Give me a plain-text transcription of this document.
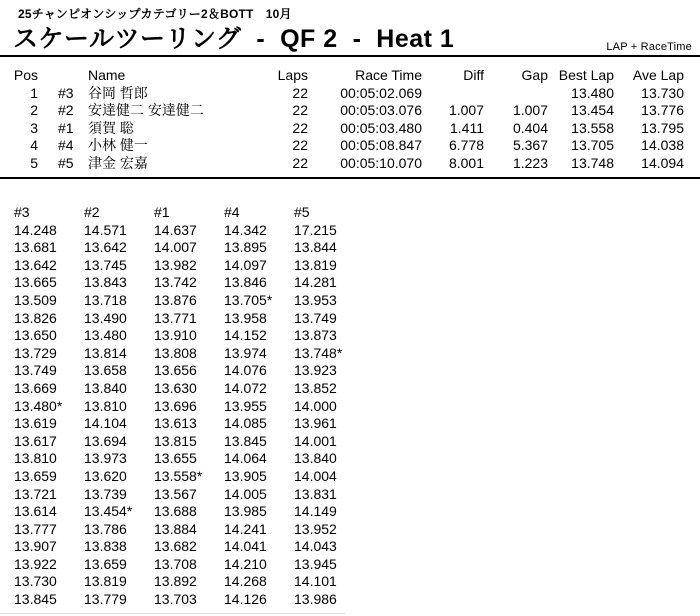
25チャンピオンシップカテゴリー2＆BOTT　10月
スケールツーリング  -  QF 2  -  Heat 1	LAP + RaceTime
Pos		Name	Laps	Race Time	Diff	Gap	Best Lap	Ave Lap
1	#3	谷岡 哲郎	22	00:05:02.069			13.480	13.730
2	#2	安達健二 安達健二	22	00:05:03.076	1.007	1.007	13.454	13.776
3	#1	須賀 聡	22	00:05:03.480	1.411	0.404	13.558	13.795
4	#4	小林 健一	22	00:05:08.847	6.778	5.367	13.705	14.038
5	#5	津金 宏嘉	22	00:05:10.070	8.001	1.223	13.748	14.094
#3	#2	#1	#4	#5
14.248	14.571	14.637	14.342	17.215
13.681	13.642	14.007	13.895	13.844
13.642	13.745	13.982	14.097	13.819
13.665	13.843	13.742	13.846	14.281
13.509	13.718	13.876	13.705*	13.953
13.826	13.490	13.771	13.958	13.749
13.650	13.480	13.910	14.152	13.873
13.729	13.814	13.808	13.974	13.748*
13.749	13.658	13.656	14.076	13.923
13.669	13.840	13.630	14.072	13.852
13.480*	13.810	13.696	13.955	14.000
13.619	14.104	13.613	14.085	13.961
13.617	13.694	13.815	13.845	14.001
13.810	13.973	13.655	14.064	13.840
13.659	13.620	13.558*	13.905	14.004
13.721	13.739	13.567	14.005	13.831
13.614	13.454*	13.688	13.985	14.149
13.777	13.786	13.884	14.241	13.952
13.907	13.838	13.682	14.041	14.043
13.922	13.659	13.708	14.210	13.945
13.730	13.819	13.892	14.268	14.101
13.845	13.779	13.703	14.126	13.986
